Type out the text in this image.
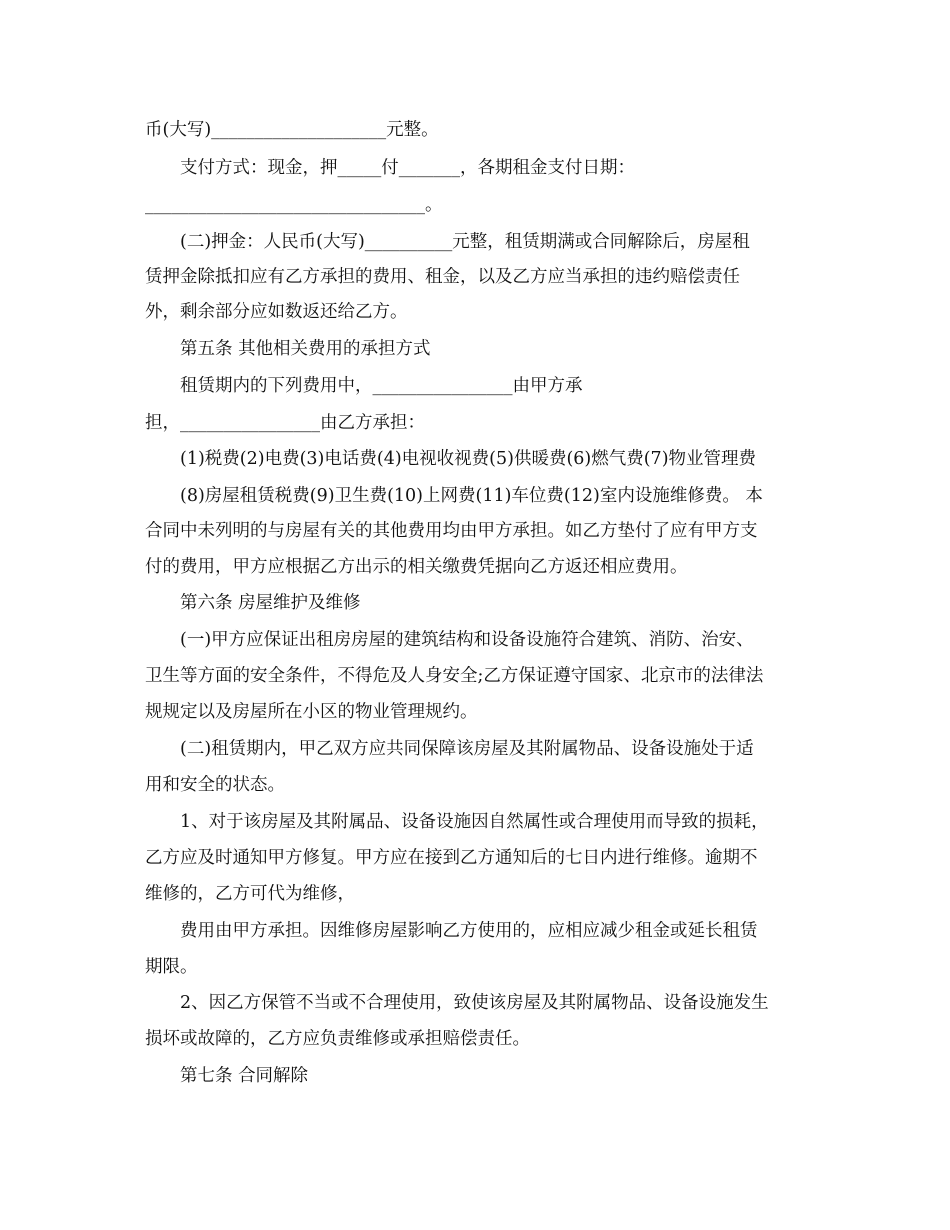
币(大写)____________________元整。
支付方式：现金，押_____付_______，各期租金支付日期：
________________________________。
(二)押金：人民币(大写)__________元整，租赁期满或合同解除后，房屋租
赁押金除抵扣应有乙方承担的费用、租金，以及乙方应当承担的违约赔偿责任
外，剩余部分应如数返还给乙方。
第五条 其他相关费用的承担方式
租赁期内的下列费用中，________________由甲方承
担，________________由乙方承担：
(1)税费(2)电费(3)电话费(4)电视收视费(5)供暖费(6)燃气费(7)物业管理费
(8)房屋租赁税费(9)卫生费(10)上网费(11)车位费(12)室内设施维修费。 本
合同中未列明的与房屋有关的其他费用均由甲方承担。如乙方垫付了应有甲方支
付的费用，甲方应根据乙方出示的相关缴费凭据向乙方返还相应费用。
第六条 房屋维护及维修
(一)甲方应保证出租房房屋的建筑结构和设备设施符合建筑、消防、治安、
卫生等方面的安全条件，不得危及人身安全;乙方保证遵守国家、北京市的法律法
规规定以及房屋所在小区的物业管理规约。
(二)租赁期内，甲乙双方应共同保障该房屋及其附属物品、设备设施处于适
用和安全的状态。
1、对于该房屋及其附属品、设备设施因自然属性或合理使用而导致的损耗，
乙方应及时通知甲方修复。甲方应在接到乙方通知后的七日内进行维修。逾期不
维修的，乙方可代为维修，
费用由甲方承担。因维修房屋影响乙方使用的，应相应减少租金或延长租赁
期限。
2、因乙方保管不当或不合理使用，致使该房屋及其附属物品、设备设施发生
损坏或故障的，乙方应负责维修或承担赔偿责任。
第七条 合同解除
